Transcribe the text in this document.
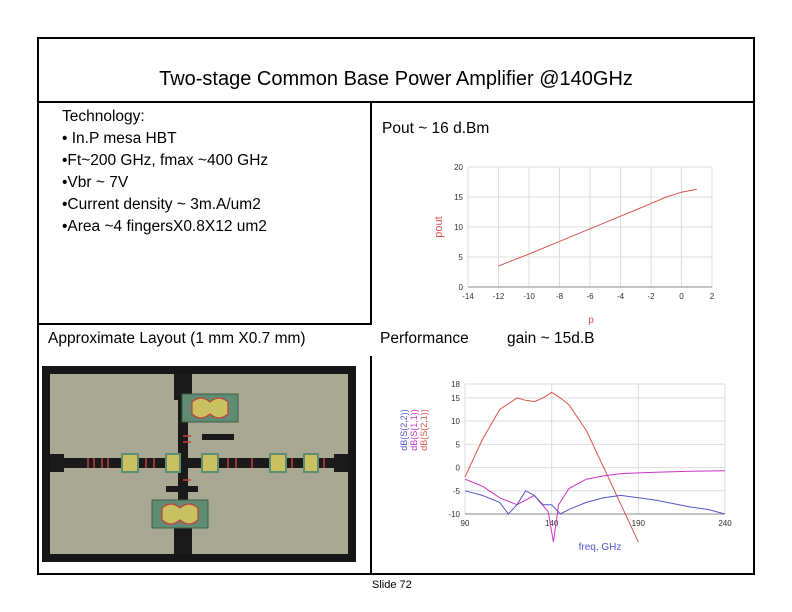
Two-stage Common Base Power Amplifier @140GHz
Technology:
• In.P mesa HBT
•Ft~200 GHz, fmax ~400 GHz
•Vbr ~ 7V
•Current density ~ 3m.A/um2
•Area ~4 fingersX0.8X12 um2
Pout ~ 16 d.Bm
Approximate Layout (1 mm X0.7 mm)	Performance gain ~ 15d.B
-14 -12 -10	-8	-6	-4	-2	0	2
0
5
10
15
20
pout
p
90	140	190	240
-10
-5
0
5
10
15
18
dB(S(2,1))
dB(S(1,1))
dB(S(2,2))
freq, GHz
Slide 72
